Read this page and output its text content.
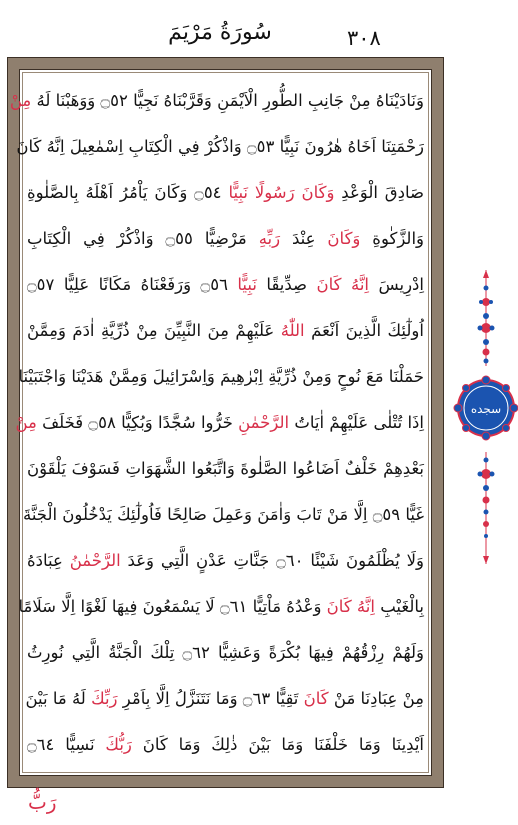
٣٠٨
سُورَةُ مَرْيَمَ
وَنَادَيْنَاهُ مِنْ جَانِبِ الطُّورِ الْاَيْمَنِ وَقَرَّبْنَاهُ نَجِيًّا ۝٥٢ وَوَهَبْنَا لَهُ مِنْ
رَحْمَتِنَا اَخَاهُ هٰرُونَ نَبِيًّا ۝٥٣ وَاذْكُرْ فِي الْكِتَابِ اِسْمٰعِيلَ اِنَّهُ كَانَ
صَادِقَ الْوَعْدِ وَكَانَ رَسُولًا نَبِيًّا ۝٥٤ وَكَانَ يَاْمُرُ اَهْلَهُ بِالصَّلٰوةِ
وَالزَّكٰوةِ وَكَانَ عِنْدَ رَبِّهِ مَرْضِيًّا ۝٥٥ وَاذْكُرْ فِي الْكِتَابِ
اِدْرِيسَ اِنَّهُ كَانَ صِدِّيقًا نَبِيًّا ۝٥٦ وَرَفَعْنَاهُ مَكَانًا عَلِيًّا ۝٥٧
اُولٰٓئِكَ الَّذِينَ اَنْعَمَ اللّٰهُ عَلَيْهِمْ مِنَ النَّبِيِّنَ مِنْ ذُرِّيَّةِ اٰدَمَ وَمِمَّنْ
حَمَلْنَا مَعَ نُوحٍ وَمِنْ ذُرِّيَّةِ اِبْرٰهِيمَ وَاِسْرَٓائِيلَ وَمِمَّنْ هَدَيْنَا وَاجْتَبَيْنَا
اِذَا تُتْلٰى عَلَيْهِمْ اٰيَاتُ الرَّحْمٰنِ خَرُّوا سُجَّدًا وَبُكِيًّا ۝٥٨ فَخَلَفَ مِنْ
بَعْدِهِمْ خَلْفٌ اَضَاعُوا الصَّلٰوةَ وَاتَّبَعُوا الشَّهَوَاتِ فَسَوْفَ يَلْقَوْنَ
غَيًّا ۝٥٩ اِلَّا مَنْ تَابَ وَاٰمَنَ وَعَمِلَ صَالِحًا فَاُولٰٓئِكَ يَدْخُلُونَ الْجَنَّةَ
وَلَا يُظْلَمُونَ شَيْئًا ۝٦٠ جَنَّاتِ عَدْنٍ الَّتِي وَعَدَ الرَّحْمٰنُ عِبَادَهُ
بِالْغَيْبِ اِنَّهُ كَانَ وَعْدُهُ مَاْتِيًّا ۝٦١ لَا يَسْمَعُونَ فِيهَا لَغْوًا اِلَّا سَلَامًا
وَلَهُمْ رِزْقُهُمْ فِيهَا بُكْرَةً وَعَشِيًّا ۝٦٢ تِلْكَ الْجَنَّةُ الَّتِي نُورِثُ
مِنْ عِبَادِنَا مَنْ كَانَ تَقِيًّا ۝٦٣ وَمَا نَتَنَزَّلُ اِلَّا بِاَمْرِ رَبِّكَ لَهُ مَا بَيْنَ
اَيْدِينَا وَمَا خَلْفَنَا وَمَا بَيْنَ ذٰلِكَ وَمَا كَانَ رَبُّكَ نَسِيًّا ۝٦٤
سجده
رَبُّ
